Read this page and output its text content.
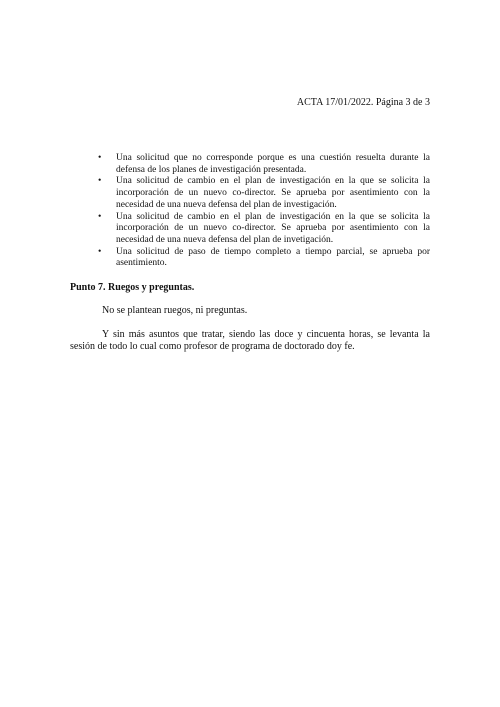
ACTA 17/01/2022. Página 3 de 3
•	Una solicitud que no corresponde porque es una cuestión resuelta durante la defensa de los planes de investigación presentada.
•	Una solicitud de cambio en el plan de investigación en la que se solicita la incorporación de un nuevo co-director. Se aprueba por asentimiento con la necesidad de una nueva defensa del plan de investigación.
•	Una solicitud de cambio en el plan de investigación en la que se solicita la incorporación de un nuevo co-director. Se aprueba por asentimiento con la necesidad de una nueva defensa del plan de invetigación.
•	Una solicitud de paso de tiempo completo a tiempo parcial, se aprueba por asentimiento.
Punto 7. Ruegos y preguntas.
No se plantean ruegos, ni preguntas.
Y sin más asuntos que tratar, siendo las doce y cincuenta horas, se levanta la sesión de todo lo cual como profesor de programa de doctorado doy fe.
